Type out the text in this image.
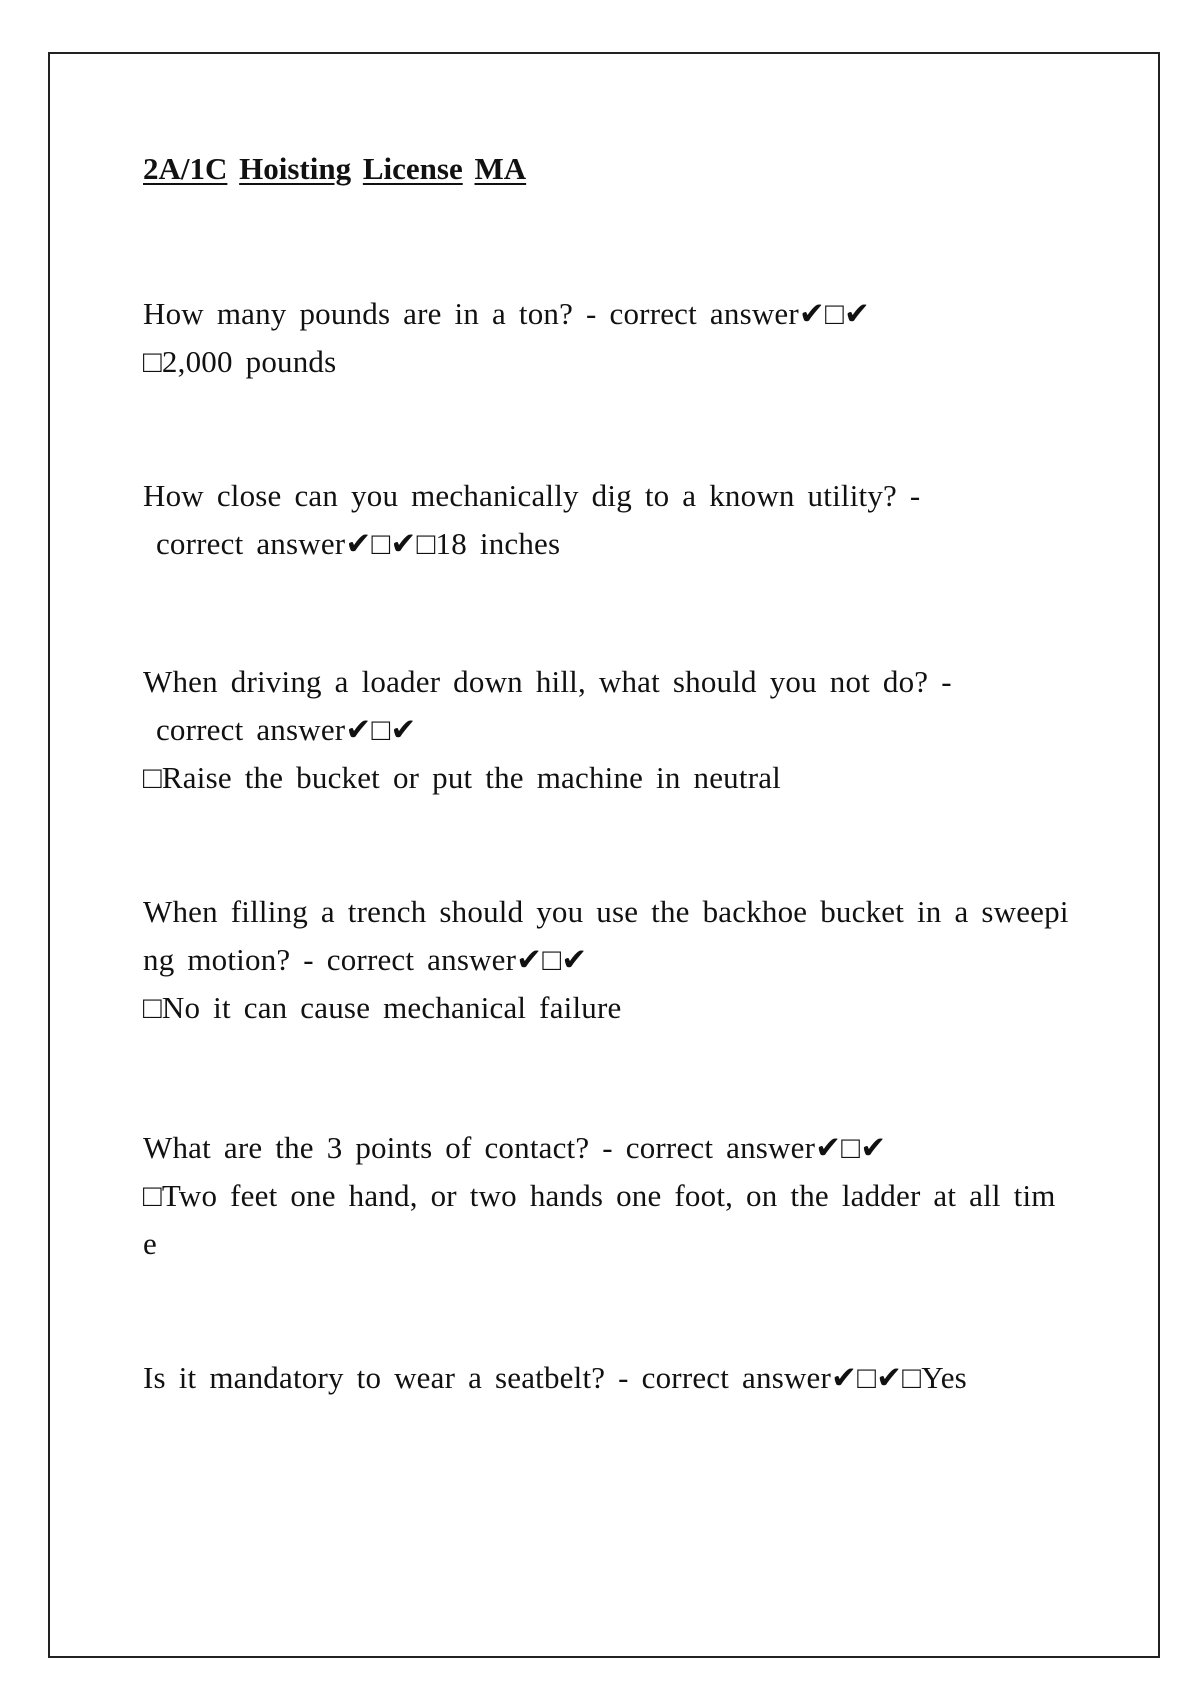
2A/1C Hoisting License MA
How many pounds are in a ton? - correct answer✔□✔
□2,000 pounds
How close can you mechanically dig to a known utility? -
correct answer✔□✔□18 inches
When driving a loader down hill, what should you not do? -
correct answer✔□✔
□Raise the bucket or put the machine in neutral
When filling a trench should you use the backhoe bucket in a sweepi
ng motion? - correct answer✔□✔
□No it can cause mechanical failure
What are the 3 points of contact? - correct answer✔□✔
□Two feet one hand, or two hands one foot, on the ladder at all tim
e
Is it mandatory to wear a seatbelt? - correct answer✔□✔□Yes
